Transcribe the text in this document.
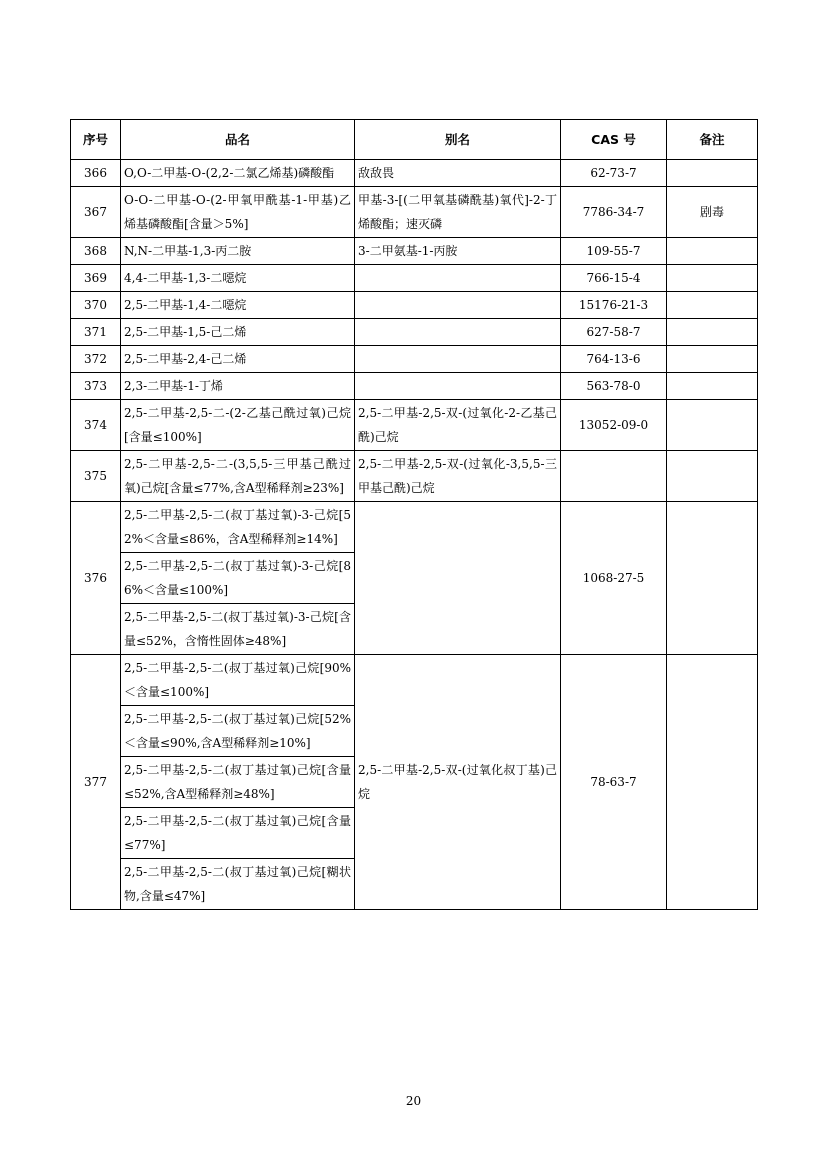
序号	品名	别名	CAS 号	备注
366	O,O-二甲基-O-(2,2-二氯乙烯基)磷酸酯	敌敌畏	62-73-7	
367	O-O-二甲基-O-(2-甲氧甲酰基-1-甲基)乙烯基磷酸酯[含量＞5%]	甲基-3-[(二甲氧基磷酰基)氧代]-2-丁烯酸酯；速灭磷	7786-34-7	剧毒
368	N,N-二甲基-1,3-丙二胺	3-二甲氨基-1-丙胺	109-55-7	
369	4,4-二甲基-1,3-二噁烷		766-15-4	
370	2,5-二甲基-1,4-二噁烷		15176-21-3	
371	2,5-二甲基-1,5-己二烯		627-58-7	
372	2,5-二甲基-2,4-己二烯		764-13-6	
373	2,3-二甲基-1-丁烯		563-78-0	
374	2,5-二甲基-2,5-二-(2-乙基己酰过氧)己烷[含量≤100%]	2,5-二甲基-2,5-双-(过氧化-2-乙基己酰)己烷	13052-09-0	
375	2,5-二甲基-2,5-二-(3,5,5-三甲基己酰过氧)己烷[含量≤77%,含A型稀释剂≥23%]	2,5-二甲基-2,5-双-(过氧化-3,5,5-三甲基己酰)己烷		
376	2,5-二甲基-2,5-二(叔丁基过氧)-3-己烷[52%＜含量≤86%，含A型稀释剂≥14%]		1068-27-5	
	2,5-二甲基-2,5-二(叔丁基过氧)-3-己烷[86%＜含量≤100%]			
	2,5-二甲基-2,5-二(叔丁基过氧)-3-己烷[含量≤52%，含惰性固体≥48%]			
377	2,5-二甲基-2,5-二(叔丁基过氧)己烷[90%＜含量≤100%]	2,5-二甲基-2,5-双-(过氧化叔丁基)己烷	78-63-7	
	2,5-二甲基-2,5-二(叔丁基过氧)己烷[52%＜含量≤90%,含A型稀释剂≥10%]			
	2,5-二甲基-2,5-二(叔丁基过氧)己烷[含量≤52%,含A型稀释剂≥48%]			
	2,5-二甲基-2,5-二(叔丁基过氧)己烷[含量≤77%]			
	2,5-二甲基-2,5-二(叔丁基过氧)己烷[糊状物,含量≤47%]			
20
